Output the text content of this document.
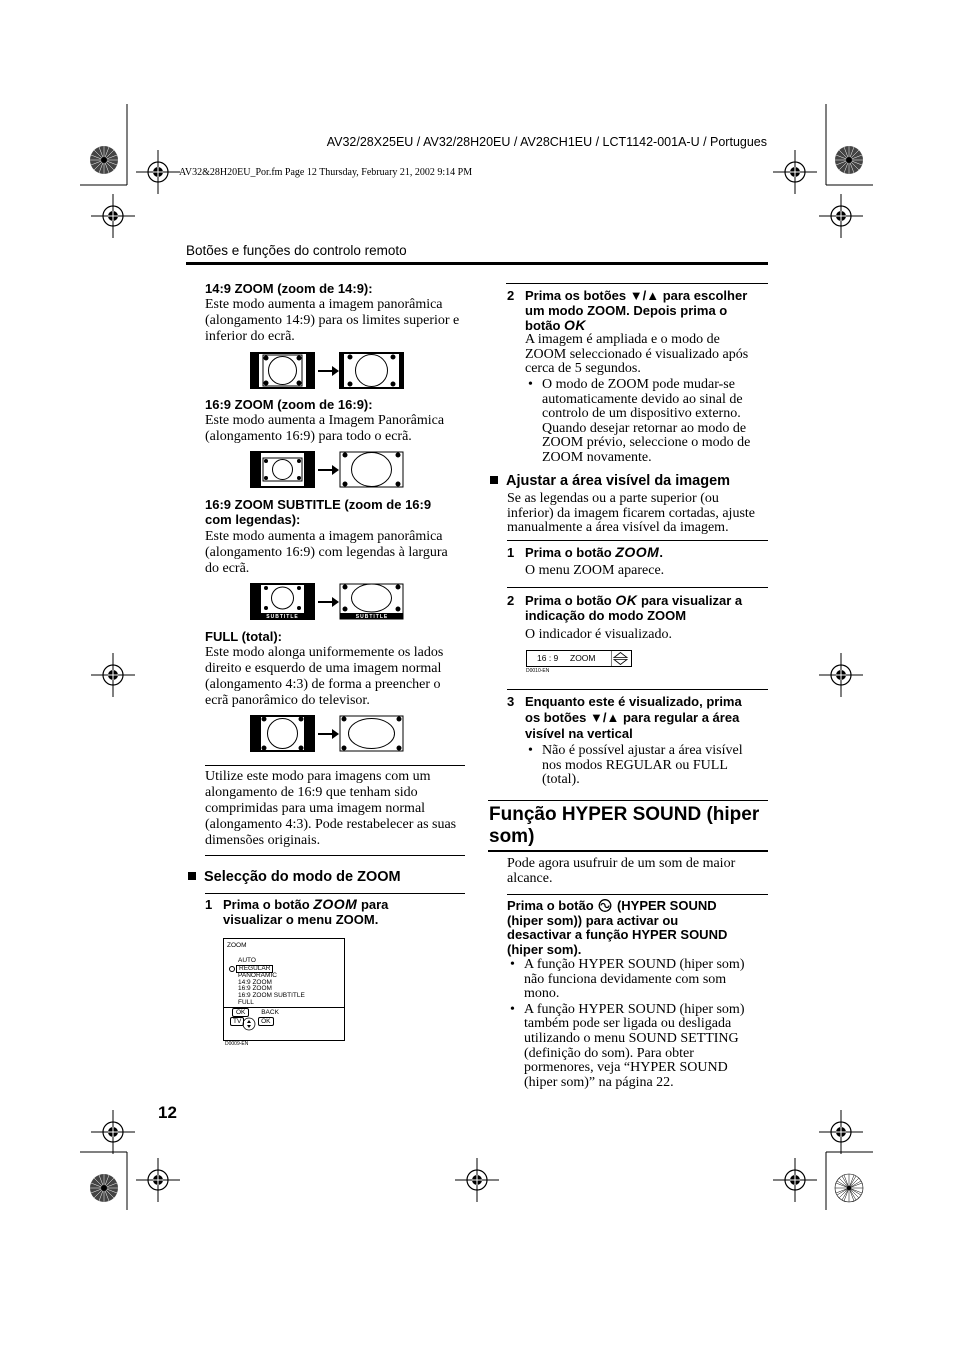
AV32/28X25EU / AV32/28H20EU / AV28CH1EU / LCT1142-001A-U / Portugues
AV32&28H20EU_Por.fm Page 12 Thursday, February 21, 2002 9:14 PM
Botões e funções do controlo remoto
14:9 ZOOM (zoom de 14:9):
Este modo aumenta a imagem panorâmica
(alongamento 14:9) para os limites superior e
inferior do ecrã.
16:9 ZOOM (zoom de 16:9):
Este modo aumenta a Imagem Panorâmica
(alongamento 16:9) para todo o ecrã.
16:9 ZOOM SUBTITLE (zoom de 16:9
com legendas):
Este modo aumenta a imagem panorâmica
(alongamento 16:9) com legendas à largura
do ecrã.
SUBTITLE	SUBTITLE
FULL (total):
Este modo alonga uniformemente os lados
direito e esquerdo de uma imagem normal
(alongamento 4:3) de forma a preencher o
ecrã panorâmico do televisor.
Utilize este modo para imagens com um
alongamento de 16:9 que tenham sido
comprimidas para uma imagem normal
(alongamento 4:3). Pode restabelecer as suas
dimensões originais.
Selecção do modo de ZOOM
1 Prima o botão ZOOM para
visualizar o menu ZOOM.
ZOOM
AUTO
REGULAR
PANORAMIC
14:9 ZOOM
16:9 ZOOM
16:9 ZOOM SUBTITLE
FULL
OK BACK
TV	OK
D0009-EN
2 Prima os botões ▼/▲ para escolher
um modo ZOOM. Depois prima o
botão OK
A imagem é ampliada e o modo de
ZOOM seleccionado é visualizado após
cerca de 5 segundos.
• O modo de ZOOM pode mudar-se
automaticamente devido ao sinal de
controlo de um dispositivo externo.
Quando desejar retornar ao modo de
ZOOM prévio, seleccione o modo de
ZOOM novamente.
Ajustar a área visível da imagem
Se as legendas ou a parte superior (ou
inferior) da imagem ficarem cortadas, ajuste
manualmente a área visível da imagem.
1 Prima o botão ZOOM.
O menu ZOOM aparece.
2 Prima o botão OK para visualizar a
indicação do modo ZOOM
O indicador é visualizado.
16 : 9 ZOOM
D0010-EN
3 Enquanto este é visualizado, prima
os botões ▼/▲ para regular a área
visível na vertical
• Não é possível ajustar a área visível
nos modos REGULAR ou FULL
(total).
Função HYPER SOUND (hiper
som)
Pode agora usufruir de um som de maior
alcance.
Prima o botão (HYPER SOUND
(hiper som)) para activar ou
desactivar a função HYPER SOUND
(hiper som).
• A função HYPER SOUND (hiper som)
não funciona devidamente com som
mono.
• A função HYPER SOUND (hiper som)
também pode ser ligada ou desligada
utilizando o menu SOUND SETTING
(definição do som). Para obter
pormenores, veja “HYPER SOUND
(hiper som)” na página 22.
12
